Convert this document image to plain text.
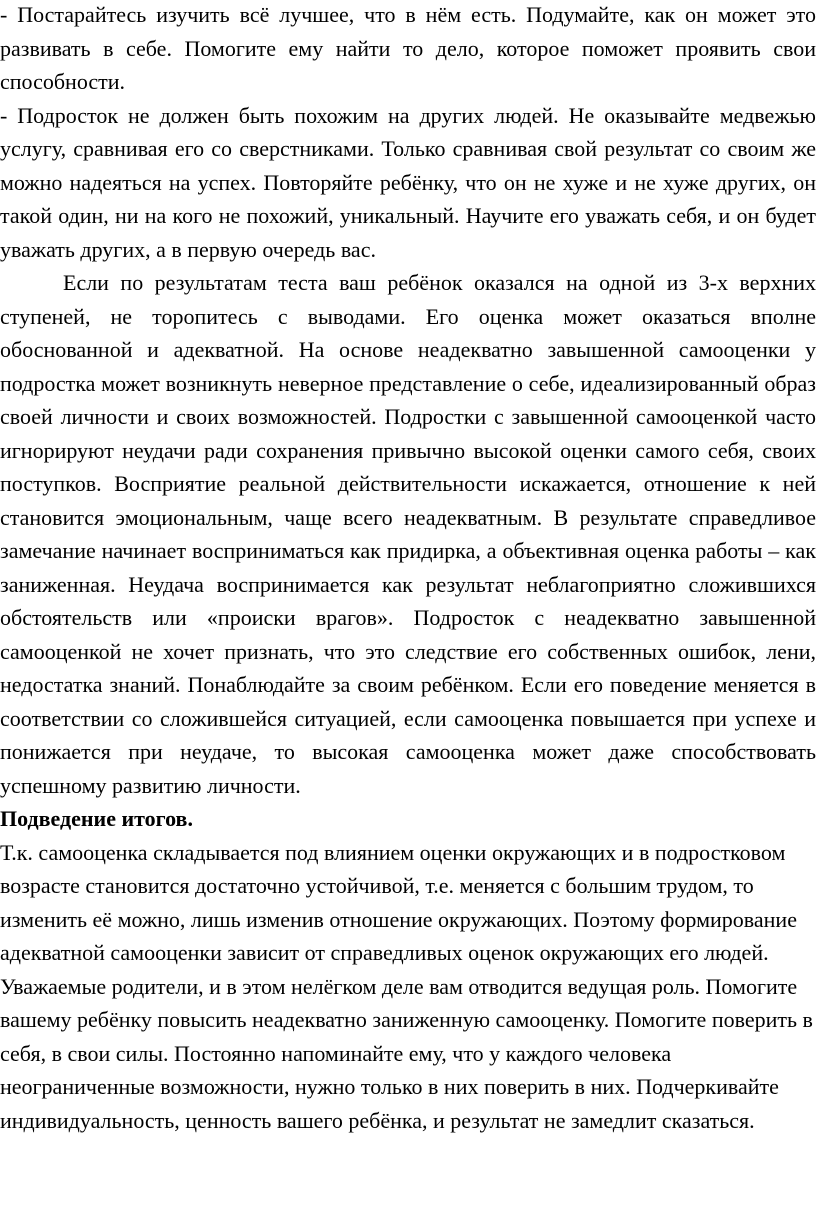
- Постарайтесь изучить всё лучшее, что в нём есть. Подумайте, как он может это развивать в себе. Помогите ему найти то дело, которое поможет проявить свои способности.

- Подросток не должен быть похожим на других людей. Не оказывайте медвежью услугу, сравнивая его со сверстниками. Только сравнивая свой результат со своим же можно надеяться на успех. Повторяйте ребёнку, что он не хуже и не хуже других, он такой один, ни на кого не похожий, уникальный. Научите его уважать себя, и он будет уважать других, а в первую очередь вас.

Если по результатам теста ваш ребёнок оказался на одной из 3-х верхних ступеней, не торопитесь с выводами. Его оценка может оказаться вполне обоснованной и адекватной. На основе неадекватно завышенной самооценки у подростка может возникнуть неверное представление о себе, идеализированный образ своей личности и своих возможностей. Подростки с завышенной самооценкой часто игнорируют неудачи ради сохранения привычно высокой оценки самого себя, своих поступков. Восприятие реальной действительности искажается, отношение к ней становится эмоциональным, чаще всего неадекватным. В результате справедливое замечание начинает восприниматься как придирка, а объективная оценка работы – как заниженная. Неудача воспринимается как результат неблагоприятно сложившихся обстоятельств или «происки врагов». Подросток с неадекватно завышенной самооценкой не хочет признать, что это следствие его собственных ошибок, лени, недостатка знаний. Понаблюдайте за своим ребёнком. Если его поведение меняется в соответствии со сложившейся ситуацией, если самооценка повышается при успехе и понижается при неудаче, то высокая самооценка может даже способствовать успешному развитию личности.

Подведение итогов.

Т.к. самооценка складывается под влиянием оценки окружающих и в подростковом возрасте становится достаточно устойчивой, т.е. меняется с большим трудом, то изменить её можно, лишь изменив отношение окружающих. Поэтому формирование адекватной самооценки зависит от справедливых оценок окружающих его людей. Уважаемые родители, и в этом нелёгком деле вам отводится ведущая роль. Помогите вашему ребёнку повысить неадекватно заниженную самооценку. Помогите поверить в себя, в свои силы. Постоянно напоминайте ему, что у каждого человека неограниченные возможности, нужно только в них поверить в них. Подчеркивайте индивидуальность, ценность вашего ребёнка, и результат не замедлит сказаться.
